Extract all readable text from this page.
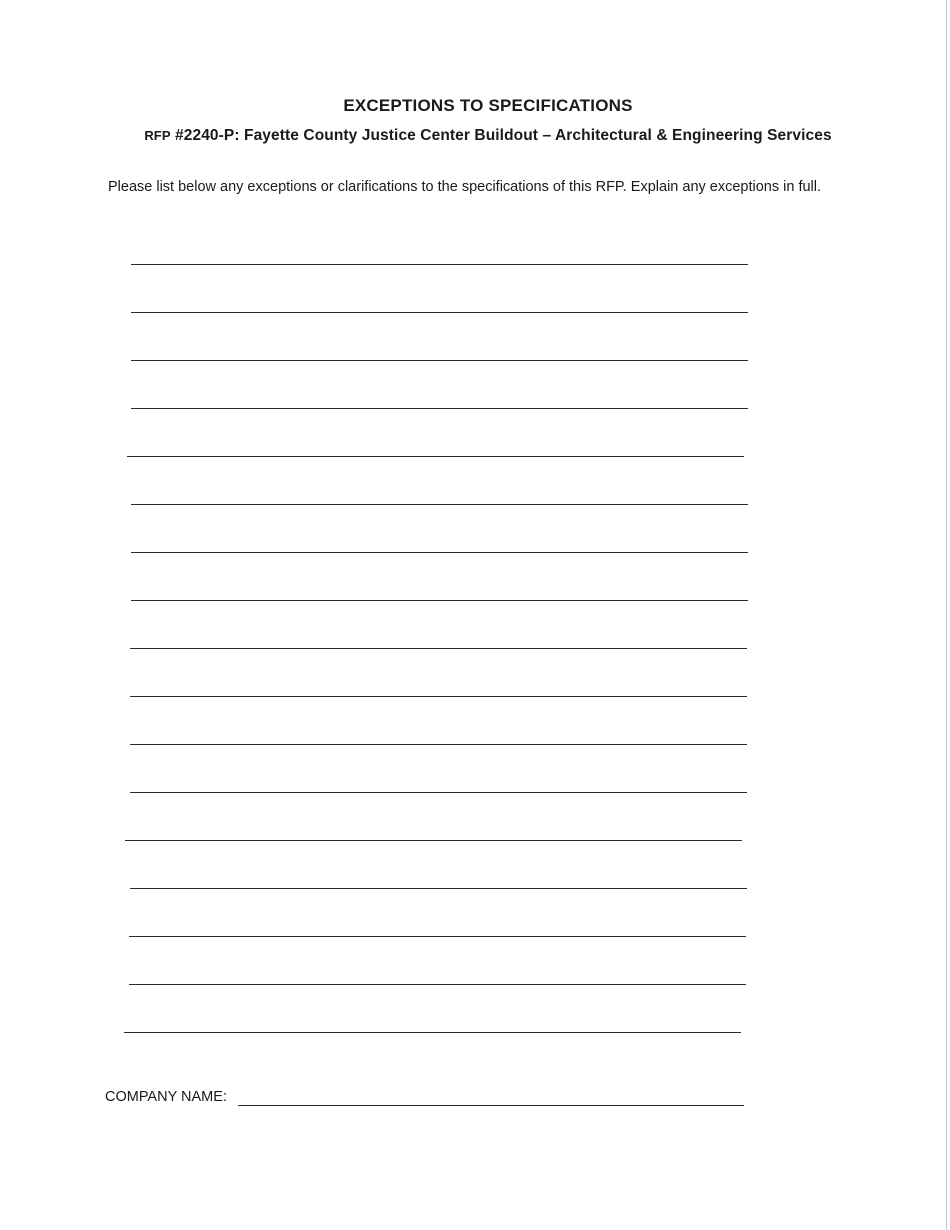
EXCEPTIONS TO SPECIFICATIONS
RFP #2240-P: Fayette County Justice Center Buildout – Architectural & Engineering Services
Please list below any exceptions or clarifications to the specifications of this RFP. Explain any exceptions in full.
COMPANY NAME:
